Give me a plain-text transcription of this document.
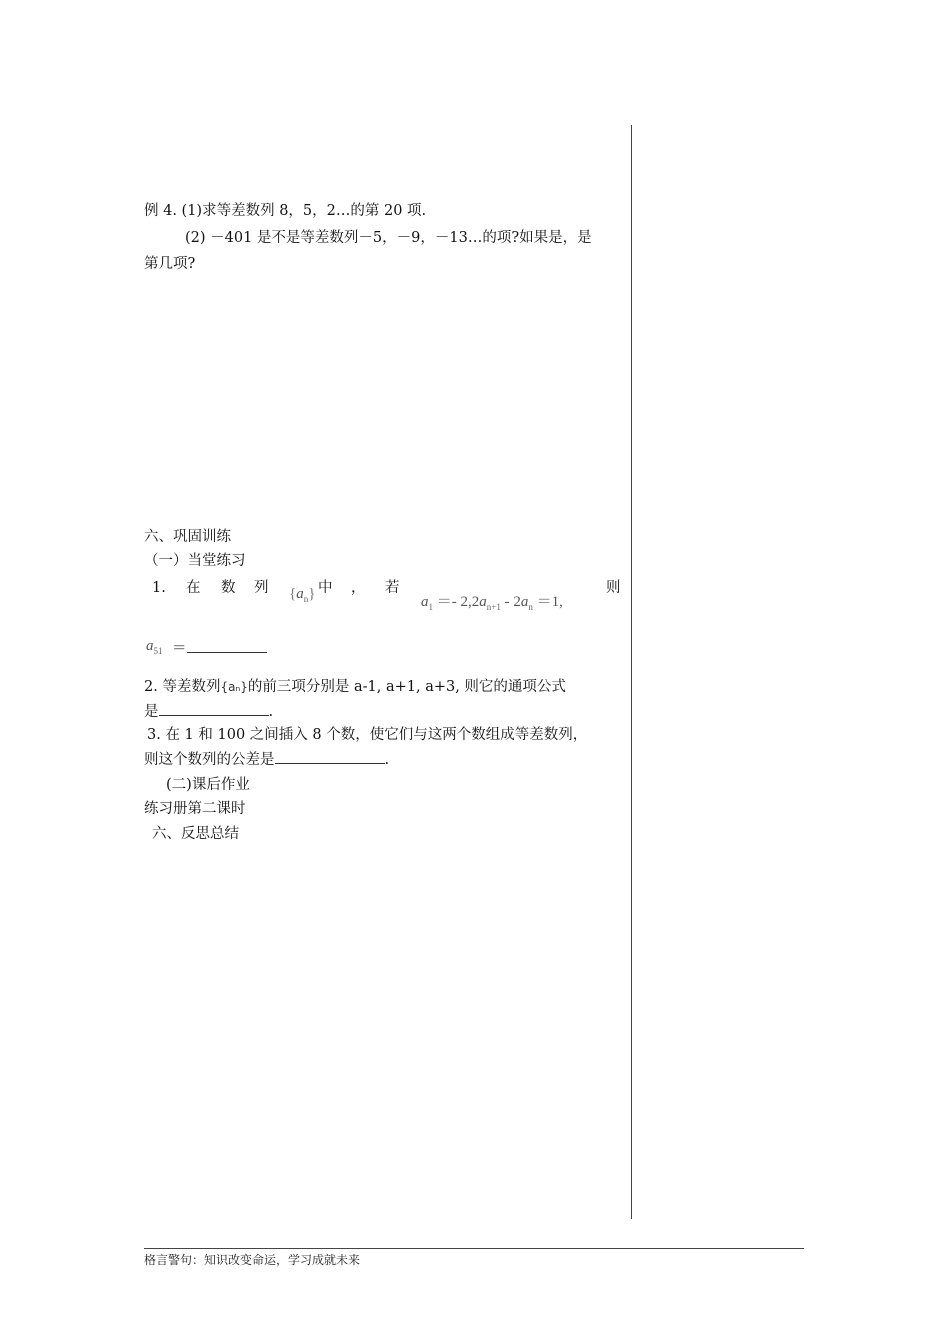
例 4. (1)求等差数列 8，5，2…的第 20 项.
(2) －401 是不是等差数列－5，－9，－13…的项?如果是，是
第几项?
六、巩固训练
（一）当堂练习
1. 在 数 列 $\{a_n\}$ 中 ， 若
$a_1 =- 2,2a_{n+1} - 2a_n =1$,
则
$a_{51}$ ＝
2. 等差数列{aₙ}的前三项分别是 a-1, a+1, a+3, 则它的通项公式
是	.
3. 在 1 和 100 之间插入 8 个数，使它们与这两个数组成等差数列，
则这个数列的公差是	.
(二)课后作业
练习册第二课时
六、反思总结
格言警句：知识改变命运，学习成就未来
